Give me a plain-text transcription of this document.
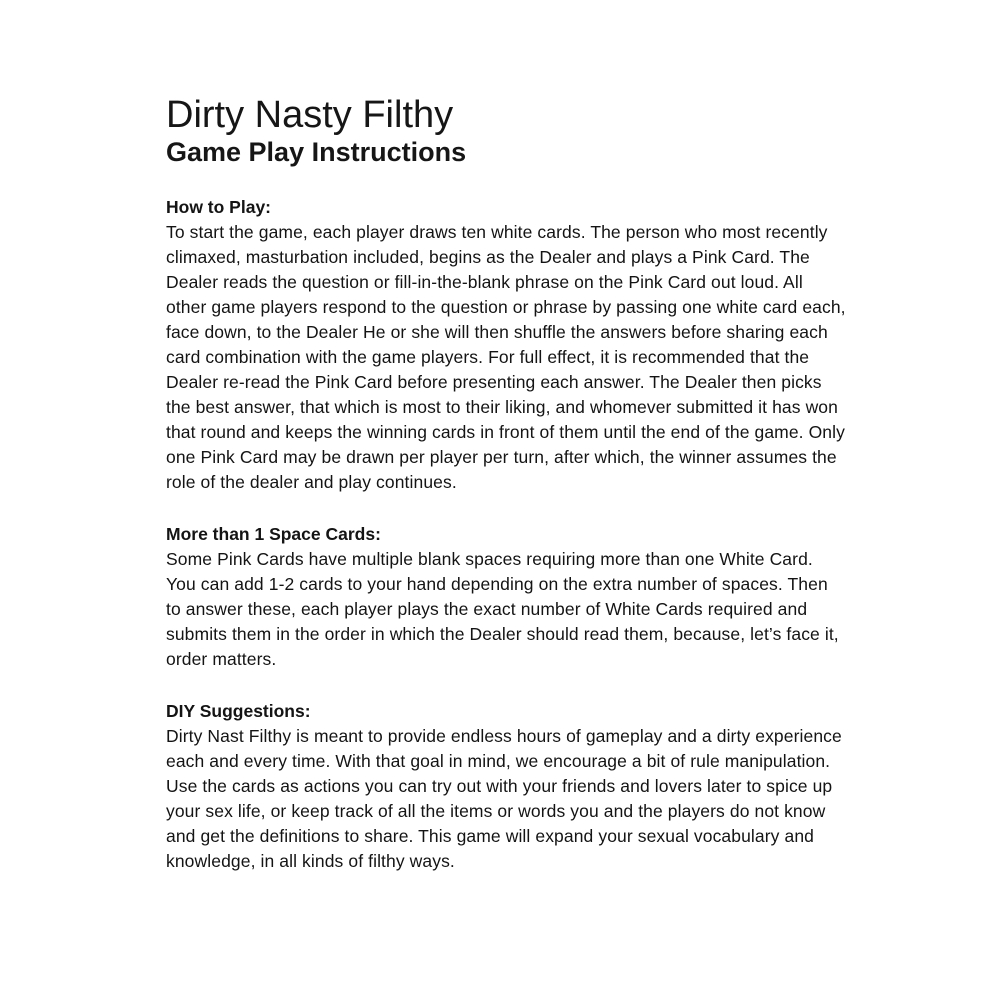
Dirty Nasty Filthy
Game Play Instructions

How to Play:

To start the game, each player draws ten white cards. The person who most recently climaxed, masturbation included, begins as the Dealer and plays a Pink Card. The Dealer reads the question or fill-in-the-blank phrase on the Pink Card out loud. All other game players respond to the question or phrase by passing one white card each, face down, to the Dealer He or she will then shuffle the answers before sharing each card combination with the game players. For full effect, it is recommended that the Dealer re-read the Pink Card before presenting each answer. The Dealer then picks the best answer, that which is most to their liking, and whomever submitted it has won that round and keeps the winning cards in front of them until the end of the game. Only one Pink Card may be drawn per player per turn, after which, the winner assumes the role of the dealer and play continues.

More than 1 Space Cards:

Some Pink Cards have multiple blank spaces requiring more than one White Card. You can add 1-2 cards to your hand depending on the extra number of spaces. Then to answer these, each player plays the exact number of White Cards required and submits them in the order in which the Dealer should read them, because, let’s face it, order matters.

DIY Suggestions:

Dirty Nast Filthy is meant to provide endless hours of gameplay and a dirty experience each and every time. With that goal in mind, we encourage a bit of rule manipulation. Use the cards as actions you can try out with your friends and lovers later to spice up your sex life, or keep track of all the items or words you and the players do not know and get the definitions to share. This game will expand your sexual vocabulary and knowledge, in all kinds of filthy ways.
